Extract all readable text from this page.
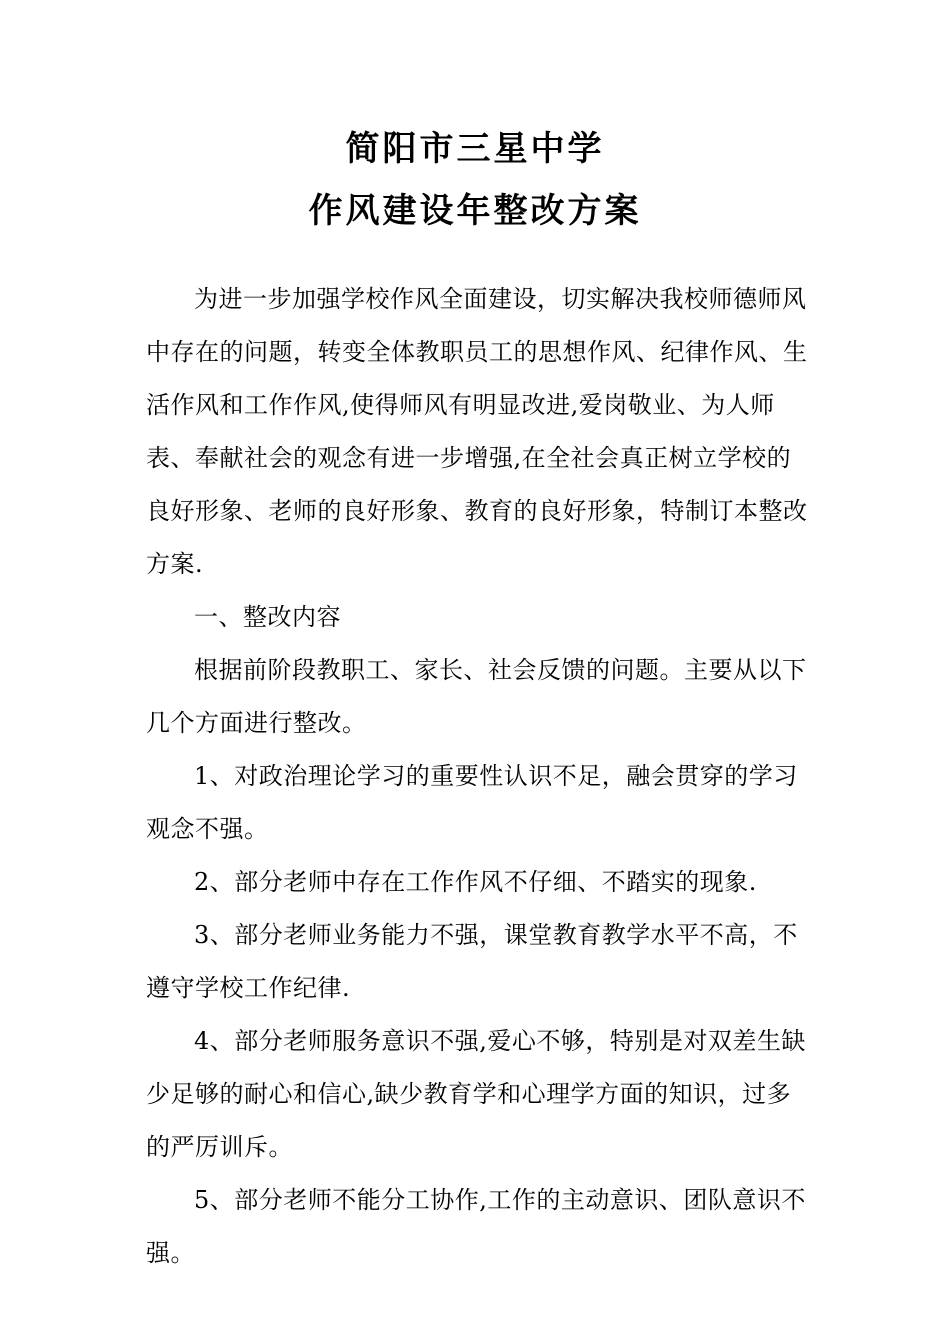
简阳市三星中学
作风建设年整改方案

为进一步加强学校作风全面建设，切实解决我校师德师风中存在的问题，转变全体教职员工的思想作风、纪律作风、生活作风和工作作风,使得师风有明显改进,爱岗敬业、为人师表、奉献社会的观念有进一步增强,在全社会真正树立学校的良好形象、老师的良好形象、教育的良好形象，特制订本整改方案.

一、整改内容

根据前阶段教职工、家长、社会反馈的问题。主要从以下几个方面进行整改。

1、对政治理论学习的重要性认识不足，融会贯穿的学习观念不强。

2、部分老师中存在工作作风不仔细、不踏实的现象.

3、部分老师业务能力不强，课堂教育教学水平不高，不遵守学校工作纪律.

4、部分老师服务意识不强,爱心不够，特别是对双差生缺少足够的耐心和信心,缺少教育学和心理学方面的知识，过多的严厉训斥。

5、部分老师不能分工协作,工作的主动意识、团队意识不强。
